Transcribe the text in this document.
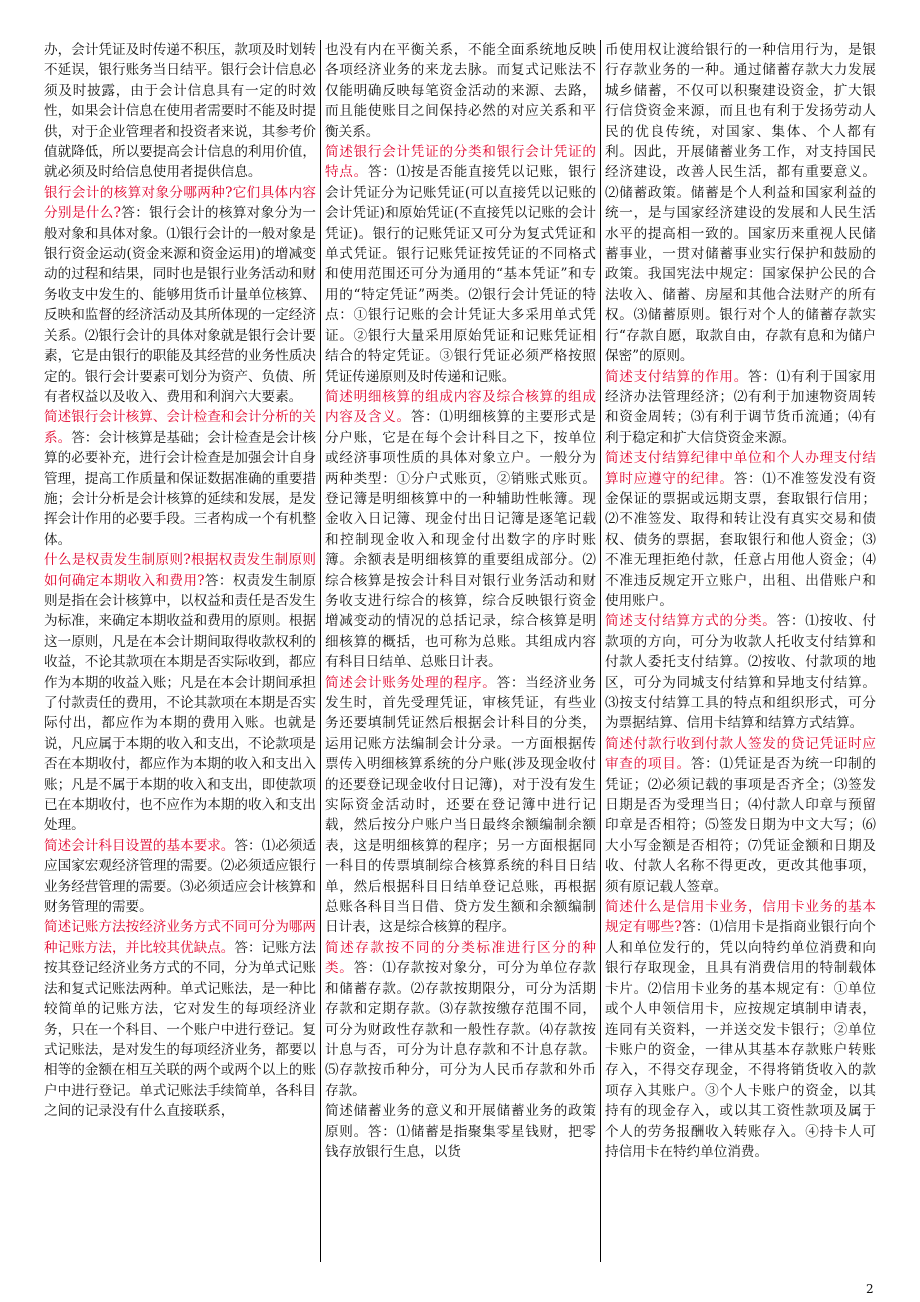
办，会计凭证及时传递不积压，款项及时划转不延误，银行账务当日结平。银行会计信息必须及时披露，由于会计信息具有一定的时效性，如果会计信息在使用者需要时不能及时提供，对于企业管理者和投资者来说，其参考价值就降低，所以要提高会计信息的利用价值，就必须及时给信息使用者提供信息。

银行会计的核算对象分哪两种?它们具体内容分别是什么?答：银行会计的核算对象分为一般对象和具体对象。⑴银行会计的一般对象是银行资金运动(资金来源和资金运用)的增减变动的过程和结果，同时也是银行业务活动和财务收支中发生的、能够用货币计量单位核算、反映和监督的经济活动及其所体现的一定经济关系。⑵银行会计的具体对象就是银行会计要素，它是由银行的职能及其经营的业务性质决定的。银行会计要素可划分为资产、负债、所有者权益以及收入、费用和利润六大要素。

简述银行会计核算、会计检查和会计分析的关系。答：会计核算是基础；会计检查是会计核算的必要补充，进行会计检查是加强会计自身管理，提高工作质量和保证数据准确的重要措施；会计分析是会计核算的延续和发展，是发挥会计作用的必要手段。三者构成一个有机整体。

什么是权责发生制原则?根据权责发生制原则如何确定本期收入和费用?答：权责发生制原则是指在会计核算中，以权益和责任是否发生为标准，来确定本期收益和费用的原则。根据这一原则，凡是在本会计期间取得收款权利的收益，不论其款项在本期是否实际收到，都应作为本期的收益入账；凡是在本会计期间承担了付款责任的费用，不论其款项在本期是否实际付出，都应作为本期的费用入账。也就是说，凡应属于本期的收入和支出，不论款项是否在本期收付，都应作为本期的收入和支出入账；凡是不属于本期的收入和支出，即使款项已在本期收付，也不应作为本期的收入和支出处理。

简述会计科目设置的基本要求。答：⑴必须适应国家宏观经济管理的需要。⑵必须适应银行业务经营管理的需要。⑶必须适应会计核算和财务管理的需要。

简述记账方法按经济业务方式不同可分为哪两种记账方法，并比较其优缺点。答：记账方法按其登记经济业务方式的不同，分为单式记账法和复式记账法两种。单式记账法，是一种比较简单的记账方法，它对发生的每项经济业务，只在一个科目、一个账户中进行登记。复式记账法，是对发生的每项经济业务，都要以相等的金额在相互关联的两个或两个以上的账户中进行登记。单式记账法手续简单，各科目之间的记录没有什么直接联系，

也没有内在平衡关系，不能全面系统地反映各项经济业务的来龙去脉。而复式记账法不仅能明确反映每笔资金活动的来源、去路，而且能使账目之间保持必然的对应关系和平衡关系。

简述银行会计凭证的分类和银行会计凭证的特点。答：⑴按是否能直接凭以记账，银行会计凭证分为记账凭证(可以直接凭以记账的会计凭证)和原始凭证(不直接凭以记账的会计凭证)。银行的记账凭证又可分为复式凭证和单式凭证。银行记账凭证按凭证的不同格式和使用范围还可分为通用的“基本凭证”和专用的“特定凭证”两类。⑵银行会计凭证的特点：①银行记账的会计凭证大多采用单式凭证。②银行大量采用原始凭证和记账凭证相结合的特定凭证。③银行凭证必须严格按照凭证传递原则及时传递和记账。

简述明细核算的组成内容及综合核算的组成内容及含义。答：⑴明细核算的主要形式是分户账，它是在每个会计科目之下，按单位或经济事项性质的具体对象立户。一般分为两种类型：①分户式账页，②销账式账页。登记簿是明细核算中的一种辅助性帐簿。现金收入日记簿、现金付出日记簿是逐笔记载和控制现金收入和现金付出数字的序时账簿。余额表是明细核算的重要组成部分。⑵综合核算是按会计科目对银行业务活动和财务收支进行综合的核算，综合反映银行资金增减变动的情况的总括记录，综合核算是明细核算的概括，也可称为总账。其组成内容有科目日结单、总账日计表。

简述会计账务处理的程序。答：当经济业务发生时，首先受理凭证，审核凭证，有些业务还要填制凭证然后根据会计科目的分类，运用记账方法编制会计分录。一方面根据传票传入明细核算系统的分户账(涉及现金收付的还要登记现金收付日记簿)，对于没有发生实际资金活动时，还要在登记簿中进行记载，然后按分户账户当日最终余额编制余额表，这是明细核算的程序；另一方面根据同一科目的传票填制综合核算系统的科目日结单，然后根据科目日结单登记总账，再根据总账各科目当日借、贷方发生额和余额编制日计表，这是综合核算的程序。

简述存款按不同的分类标准进行区分的种类。答：⑴存款按对象分，可分为单位存款和储蓄存款。⑵存款按期限分，可分为活期存款和定期存款。⑶存款按缴存范围不同，可分为财政性存款和一般性存款。⑷存款按计息与否，可分为计息存款和不计息存款。⑸存款按币种分，可分为人民币存款和外币存款。

简述储蓄业务的意义和开展储蓄业务的政策原则。答：⑴储蓄是指聚集零星钱财，把零钱存放银行生息，以货

币使用权让渡给银行的一种信用行为，是银行存款业务的一种。通过储蓄存款大力发展城乡储蓄，不仅可以积聚建设资金，扩大银行信贷资金来源，而且也有利于发扬劳动人民的优良传统，对国家、集体、个人都有利。因此，开展储蓄业务工作，对支持国民经济建设，改善人民生活，都有重要意义。⑵储蓄政策。储蓄是个人利益和国家利益的统一，是与国家经济建设的发展和人民生活水平的提高相一致的。国家历来重视人民储蓄事业，一贯对储蓄事业实行保护和鼓励的政策。我国宪法中规定：国家保护公民的合法收入、储蓄、房屋和其他合法财产的所有权。⑶储蓄原则。银行对个人的储蓄存款实行“存款自愿，取款自由，存款有息和为储户保密”的原则。

简述支付结算的作用。答：⑴有利于国家用经济办法管理经济；⑵有利于加速物资周转和资金周转；⑶有利于调节货币流通；⑷有利于稳定和扩大信贷资金来源。

简述支付结算纪律中单位和个人办理支付结算时应遵守的纪律。答：⑴不准签发没有资金保证的票据或远期支票，套取银行信用；⑵不准签发、取得和转让没有真实交易和债权、债务的票据，套取银行和他人资金；⑶不准无理拒绝付款，任意占用他人资金；⑷不准违反规定开立账户，出租、出借账户和使用账户。

简述支付结算方式的分类。答：⑴按收、付款项的方向，可分为收款人托收支付结算和付款人委托支付结算。⑵按收、付款项的地区，可分为同城支付结算和异地支付结算。⑶按支付结算工具的特点和组织形式，可分为票据结算、信用卡结算和结算方式结算。

简述付款行收到付款人签发的贷记凭证时应审查的项目。答：⑴凭证是否为统一印制的凭证；⑵必须记载的事项是否齐全；⑶签发日期是否为受理当日；⑷付款人印章与预留印章是否相符；⑸签发日期为中文大写；⑹大小写金额是否相符；⑺凭证金额和日期及收、付款人名称不得更改，更改其他事项，须有原记载人签章。

简述什么是信用卡业务，信用卡业务的基本规定有哪些?答：⑴信用卡是指商业银行向个人和单位发行的，凭以向特约单位消费和向银行存取现金，且具有消费信用的特制载体卡片。⑵信用卡业务的基本规定有：①单位或个人申领信用卡，应按规定填制申请表，连同有关资料，一并送交发卡银行；②单位卡账户的资金，一律从其基本存款账户转账存入，不得交存现金，不得将销货收入的款项存入其账户。③个人卡账户的资金，以其持有的现金存入，或以其工资性款项及属于个人的劳务报酬收入转账存入。④持卡人可持信用卡在特约单位消费。

2
